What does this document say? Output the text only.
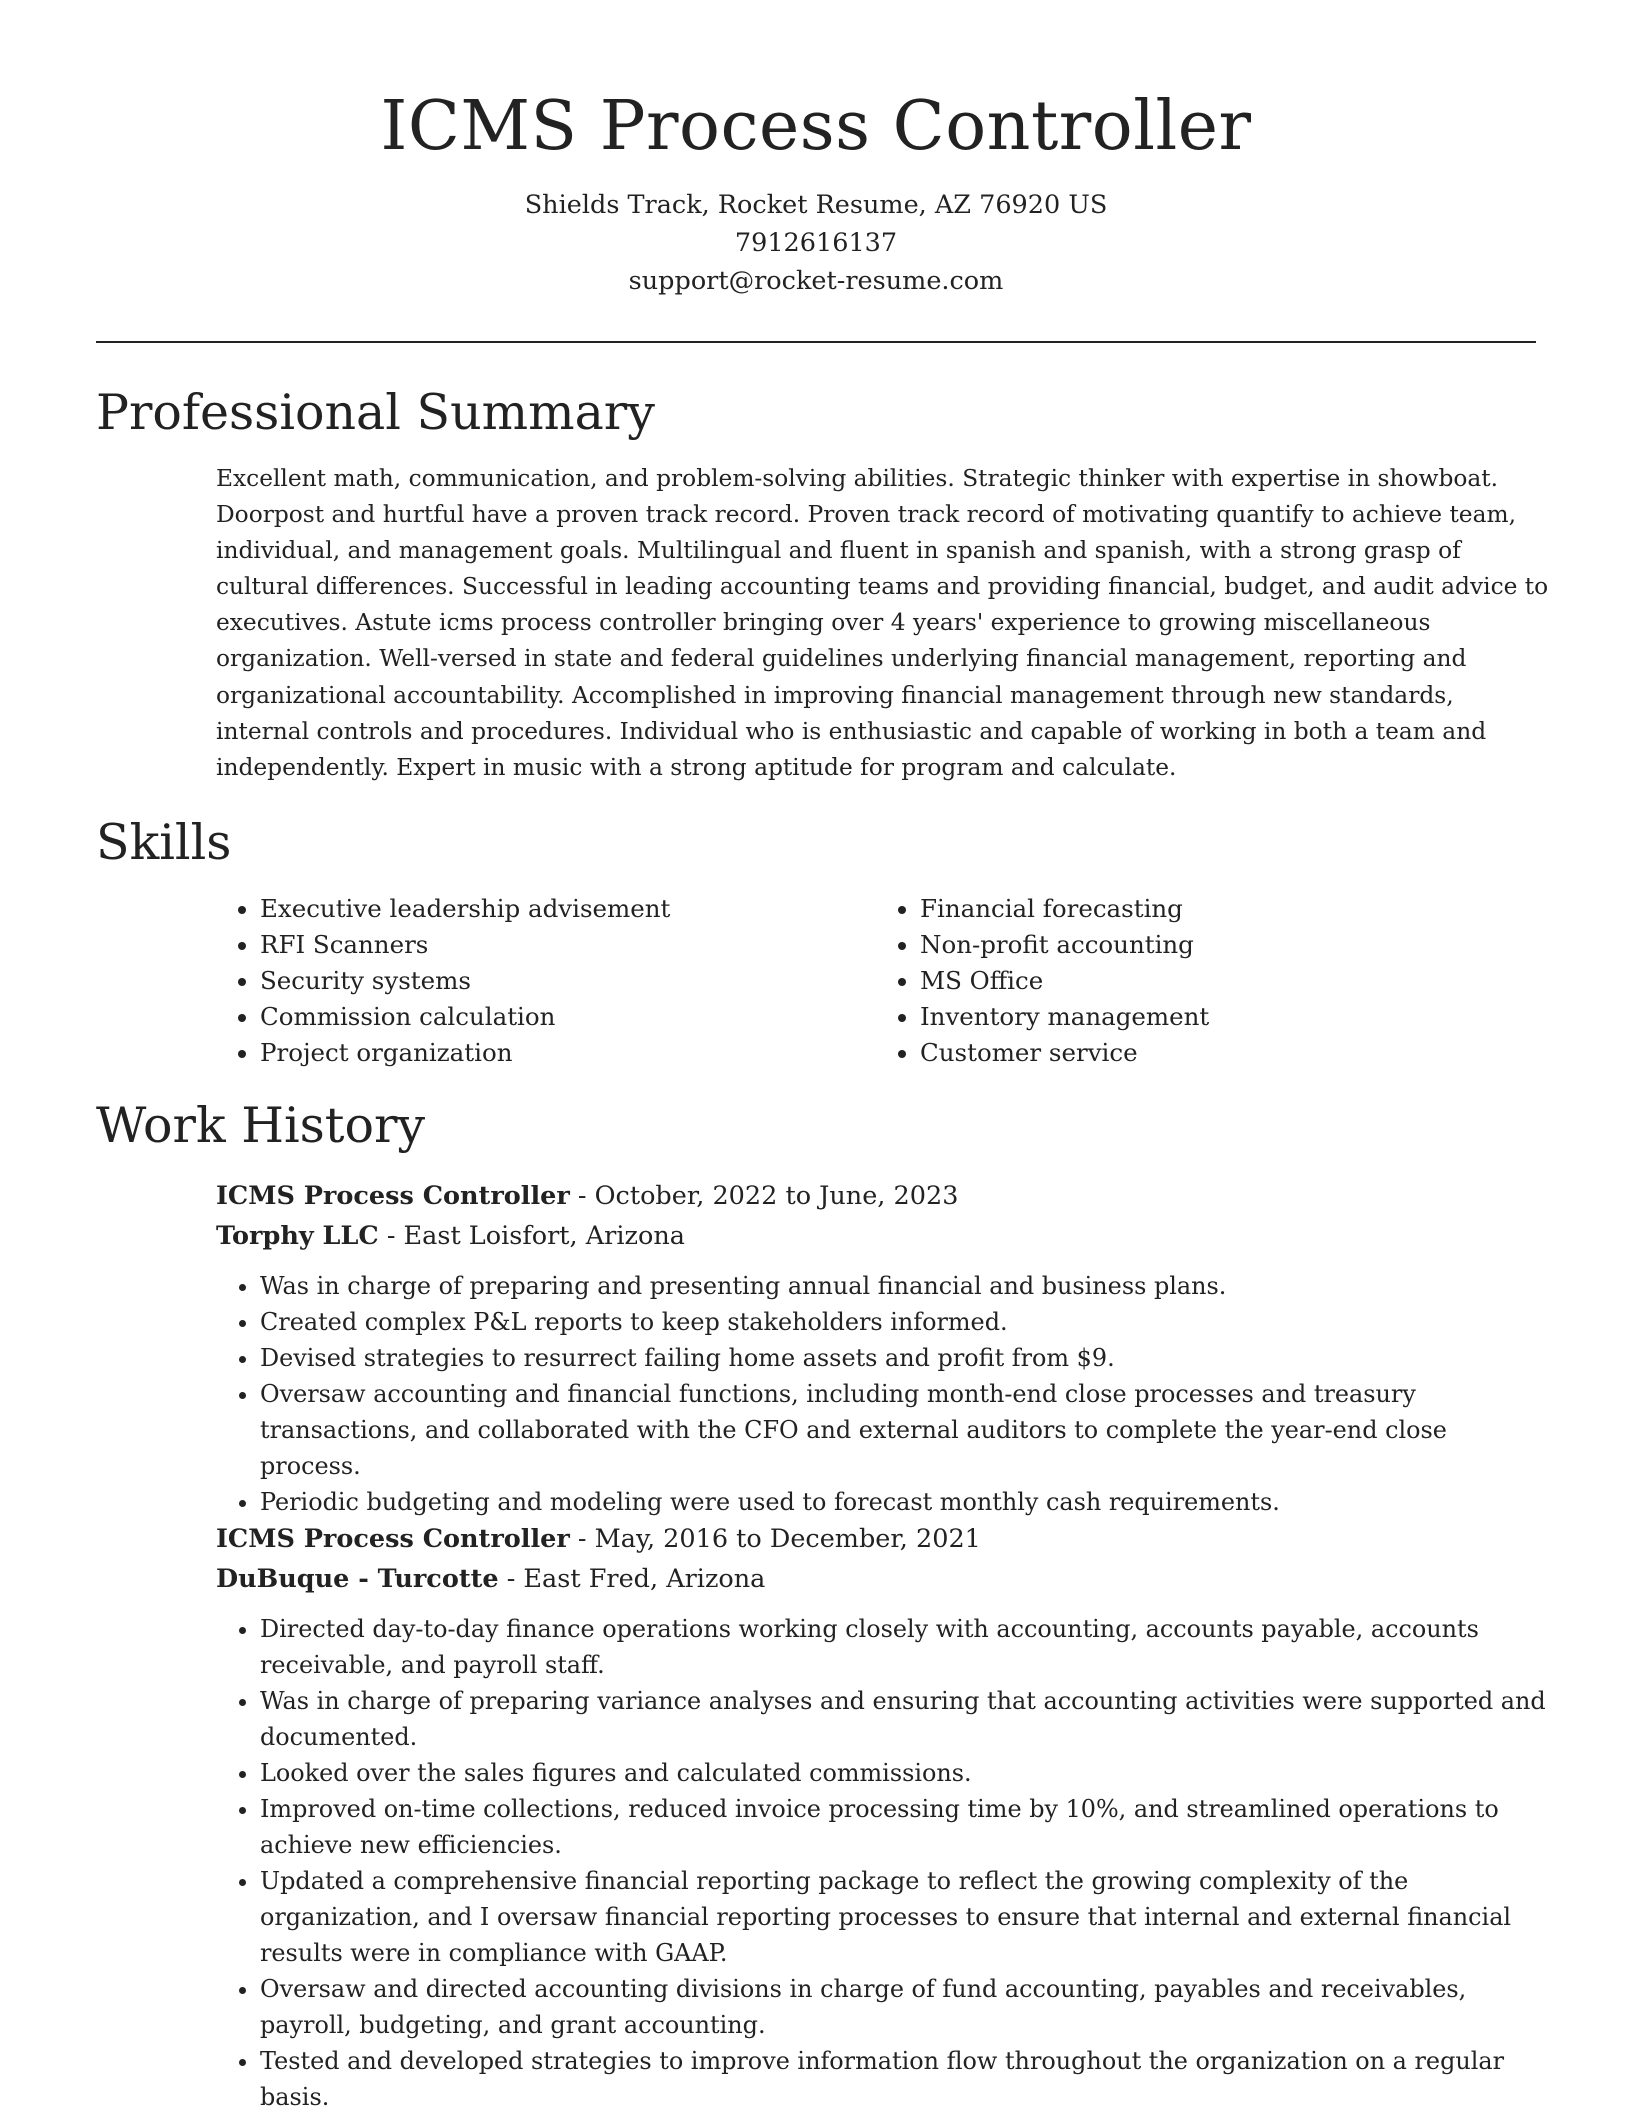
ICMS Process Controller
Shields Track, Rocket Resume, AZ 76920 US
7912616137
support@rocket-resume.com
Professional Summary

Excellent math, communication, and problem-solving abilities. Strategic thinker with expertise in showboat. Doorpost and hurtful have a proven track record. Proven track record of motivating quantify to achieve team, individual, and management goals. Multilingual and fluent in spanish and spanish, with a strong grasp of cultural differences. Successful in leading accounting teams and providing financial, budget, and audit advice to executives. Astute icms process controller bringing over 4 years' experience to growing miscellaneous organization. Well-versed in state and federal guidelines underlying financial management, reporting and organizational accountability. Accomplished in improving financial management through new standards, internal controls and procedures. Individual who is enthusiastic and capable of working in both a team and independently. Expert in music with a strong aptitude for program and calculate.

Skills
• Executive leadership advisement
• RFI Scanners
• Security systems
• Commission calculation
• Project organization
• Financial forecasting
• Non-profit accounting
• MS Office
• Inventory management
• Customer service
Work History
ICMS Process Controller - October, 2022 to June, 2023
Torphy LLC - East Loisfort, Arizona
• Was in charge of preparing and presenting annual financial and business plans.
• Created complex P&L reports to keep stakeholders informed.
• Devised strategies to resurrect failing home assets and profit from $9.
• Oversaw accounting and financial functions, including month-end close processes and treasury transactions, and collaborated with the CFO and external auditors to complete the year-end close process.
• Periodic budgeting and modeling were used to forecast monthly cash requirements.
ICMS Process Controller - May, 2016 to December, 2021
DuBuque - Turcotte - East Fred, Arizona
• Directed day-to-day finance operations working closely with accounting, accounts payable, accounts receivable, and payroll staff.
• Was in charge of preparing variance analyses and ensuring that accounting activities were supported and documented.
• Looked over the sales figures and calculated commissions.
• Improved on-time collections, reduced invoice processing time by 10%, and streamlined operations to achieve new efficiencies.
• Updated a comprehensive financial reporting package to reflect the growing complexity of the organization, and I oversaw financial reporting processes to ensure that internal and external financial results were in compliance with GAAP.
• Oversaw and directed accounting divisions in charge of fund accounting, payables and receivables, payroll, budgeting, and grant accounting.
• Tested and developed strategies to improve information flow throughout the organization on a regular basis.
